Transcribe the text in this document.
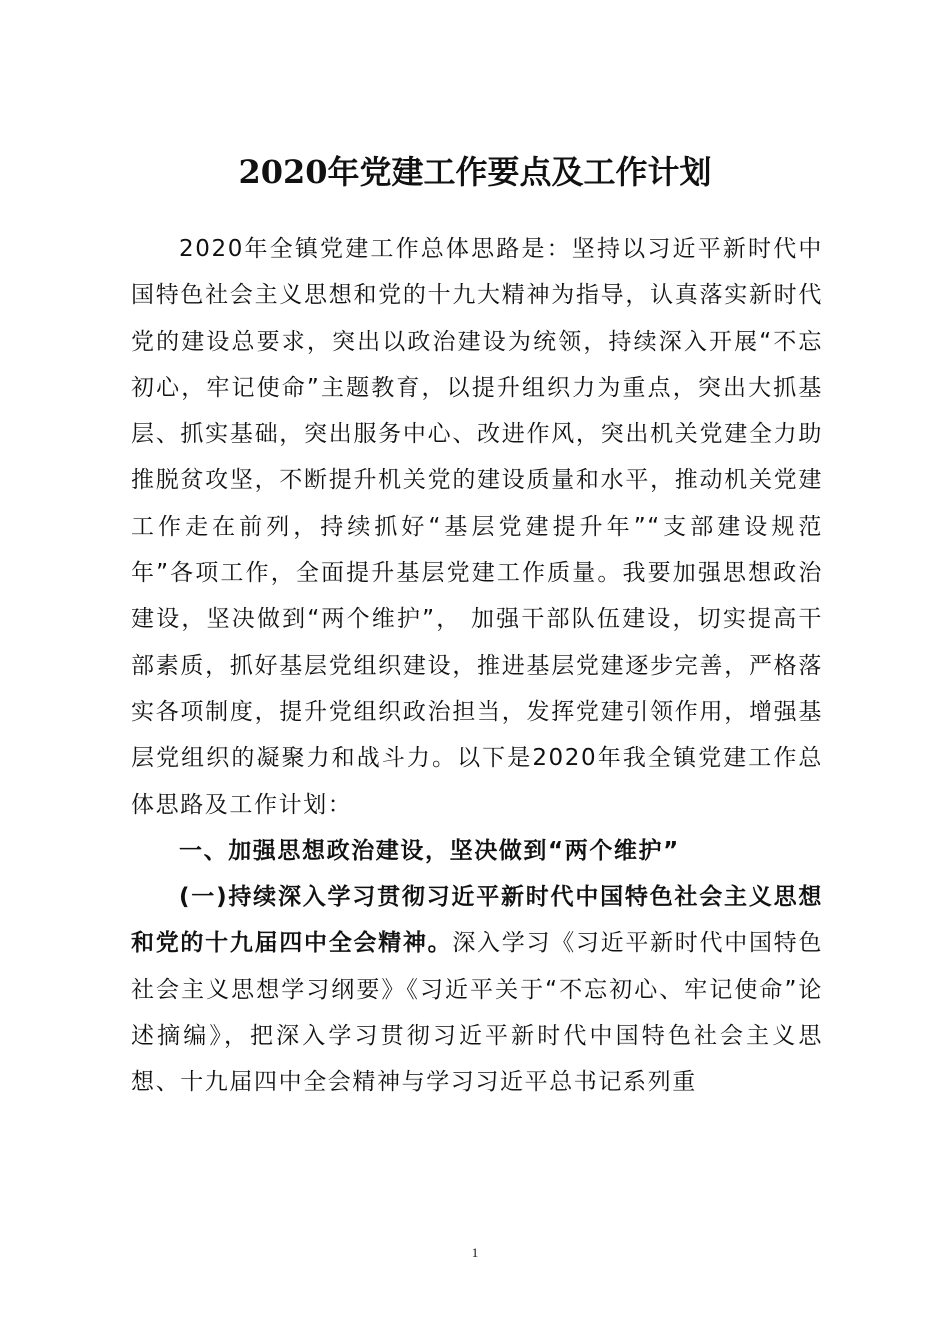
2020年党建工作要点及工作计划

2020年全镇党建工作总体思路是：坚持以习近平新时代中国特色社会主义思想和党的十九大精神为指导，认真落实新时代党的建设总要求，突出以政治建设为统领，持续深入开展“不忘初心，牢记使命”主题教育，以提升组织力为重点，突出大抓基层、抓实基础，突出服务中心、改进作风，突出机关党建全力助推脱贫攻坚，不断提升机关党的建设质量和水平，推动机关党建工作走在前列，持续抓好“基层党建提升年”“支部建设规范年”各项工作，全面提升基层党建工作质量。我要加强思想政治建设，坚决做到“两个维护”， 加强干部队伍建设，切实提高干部素质，抓好基层党组织建设，推进基层党建逐步完善，严格落实各项制度，提升党组织政治担当，发挥党建引领作用，增强基层党组织的凝聚力和战斗力。以下是2020年我全镇党建工作总体思路及工作计划：

一、加强思想政治建设，坚决做到“两个维护”

(一)持续深入学习贯彻习近平新时代中国特色社会主义思想和党的十九届四中全会精神。深入学习《习近平新时代中国特色社会主义思想学习纲要》《习近平关于“不忘初心、牢记使命”论述摘编》，把深入学习贯彻习近平新时代中国特色社会主义思想、十九届四中全会精神与学习习近平总书记系列重

1
